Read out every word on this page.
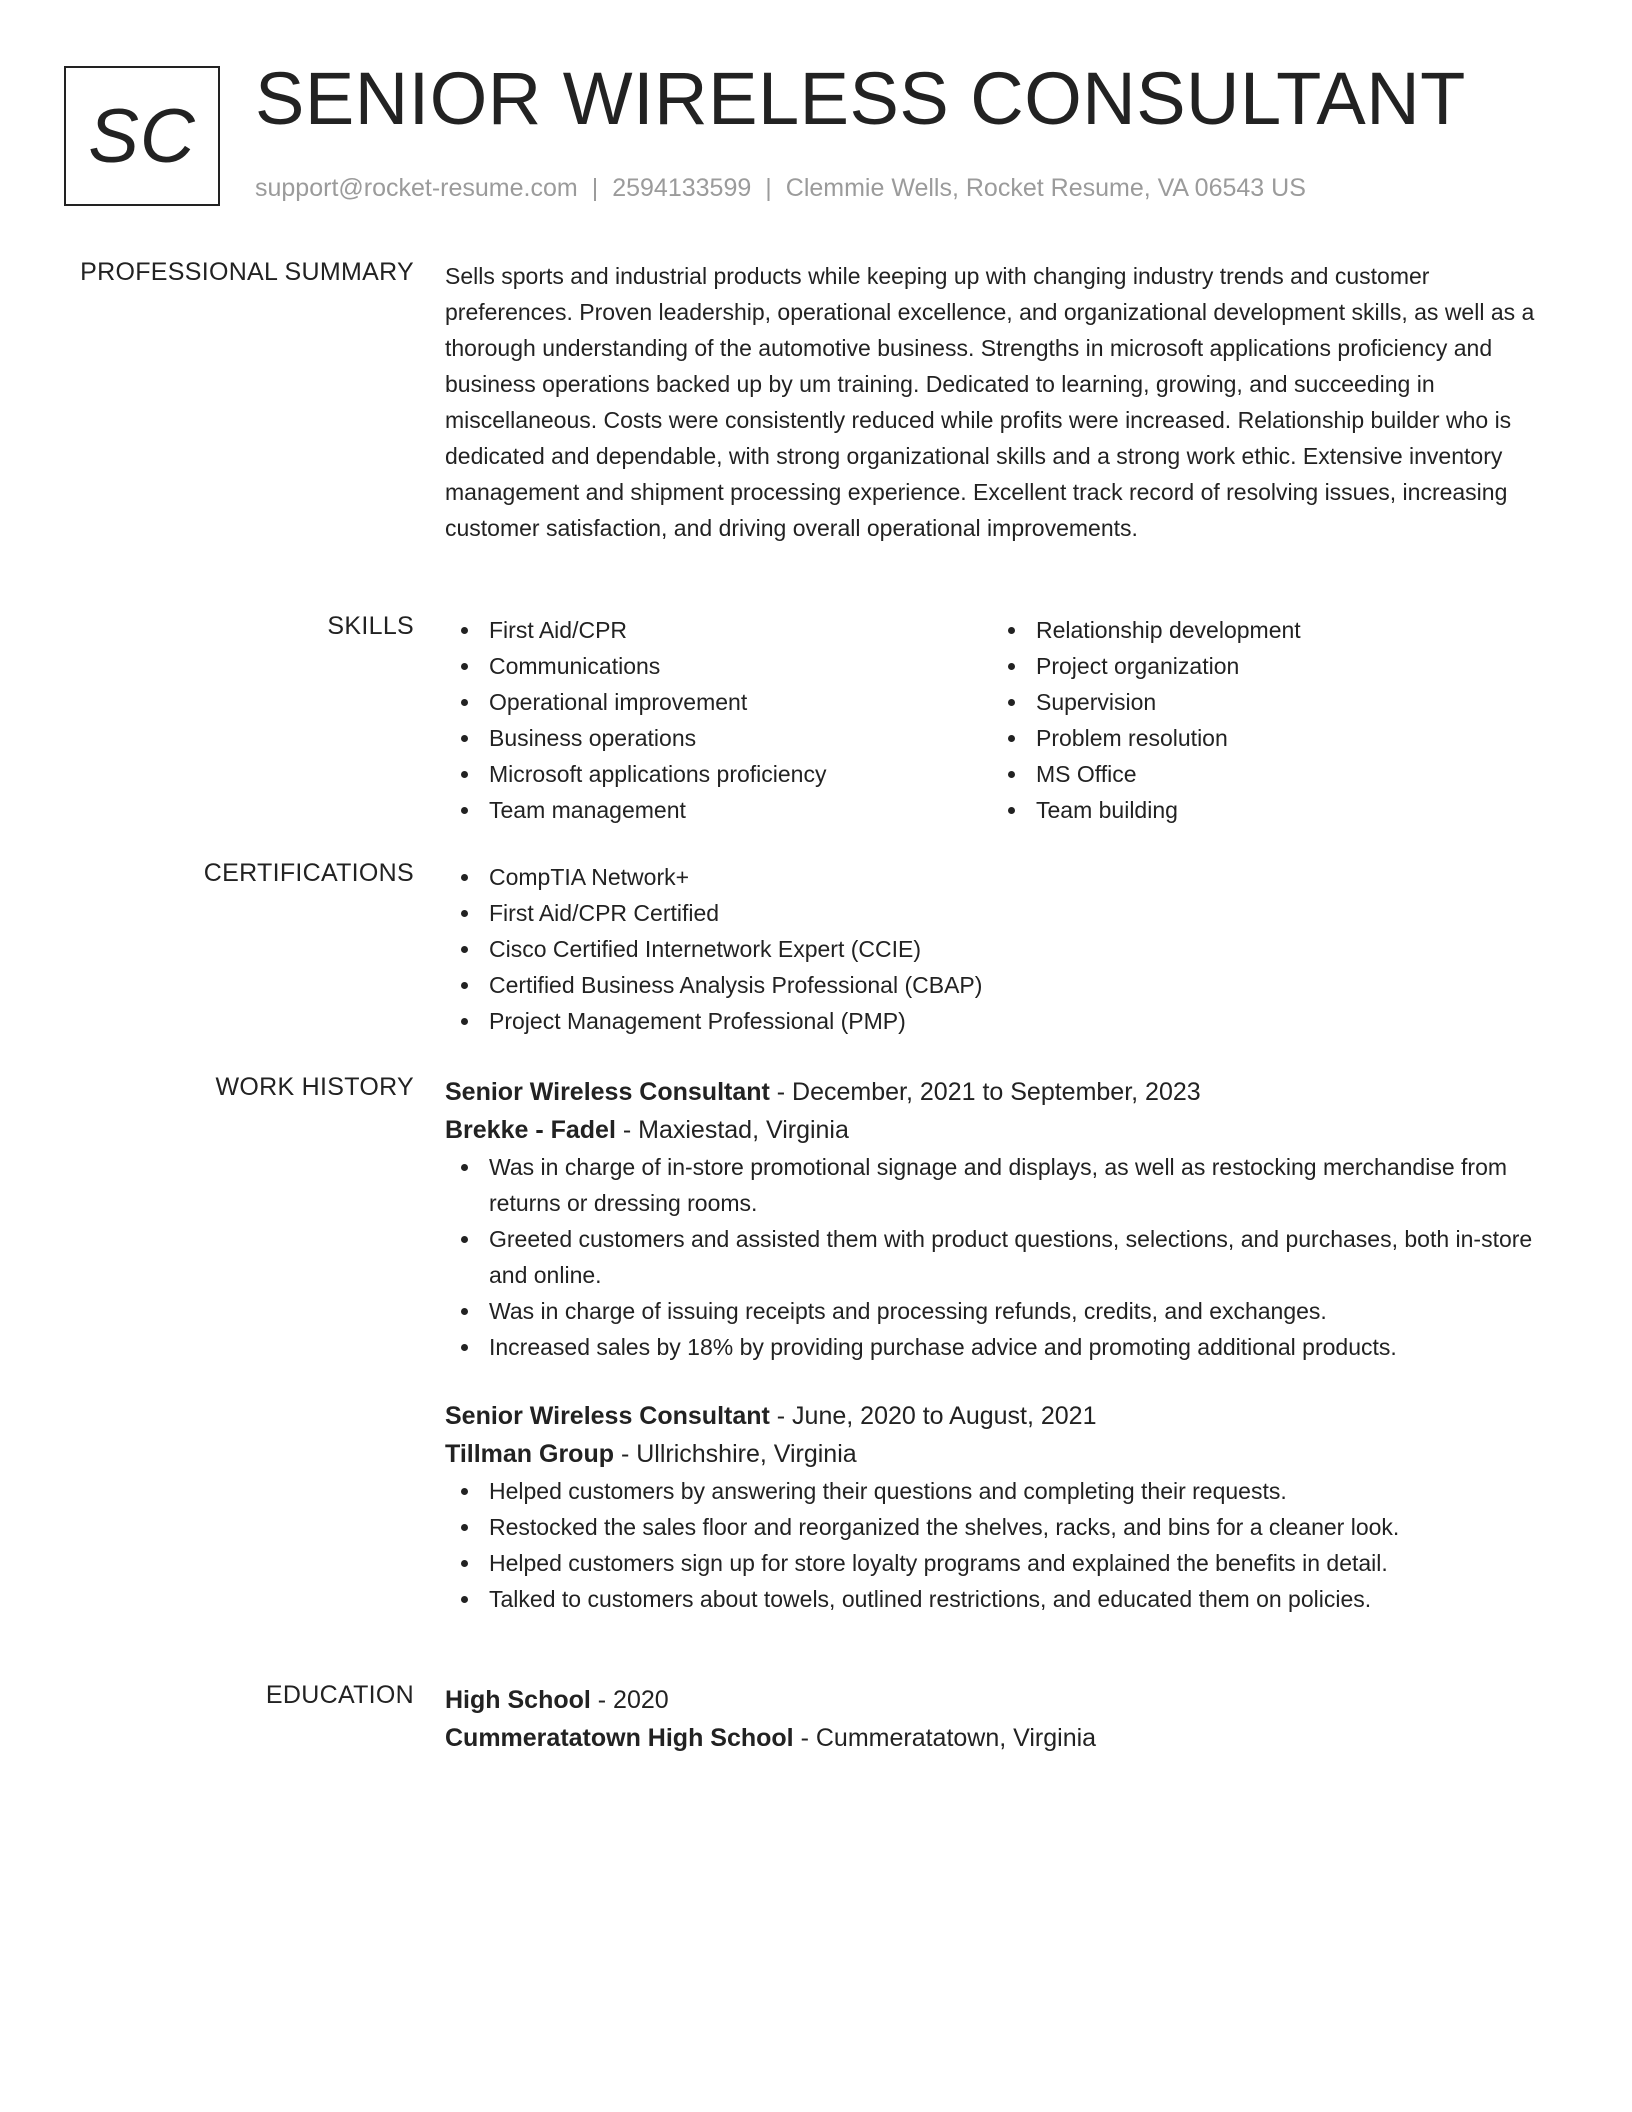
SC SENIOR WIRELESS CONSULTANT
support@rocket-resume.com | 2594133599 | Clemmie Wells, Rocket Resume, VA 06543 US
PROFESSIONAL SUMMARY Sells sports and industrial products while keeping up with changing industry trends and customer preferences. Proven leadership, operational excellence, and organizational development skills, as well as a thorough understanding of the automotive business. Strengths in microsoft applications proficiency and business operations backed up by um training. Dedicated to learning, growing, and succeeding in miscellaneous. Costs were consistently reduced while profits were increased. Relationship builder who is dedicated and dependable, with strong organizational skills and a strong work ethic. Extensive inventory management and shipment processing experience. Excellent track record of resolving issues, increasing customer satisfaction, and driving overall operational improvements.

SKILLS	First Aid/CPR
Communications
Operational improvement
Business operations
Microsoft applications proficiency
Team management
Relationship development
Project organization
Supervision
Problem resolution
MS Office
Team building
CERTIFICATIONS	CompTIA Network+
First Aid/CPR Certified
Cisco Certified Internetwork Expert (CCIE)
Certified Business Analysis Professional (CBAP)
Project Management Professional (PMP)
WORK HISTORY Senior Wireless Consultant - December, 2021 to September, 2023
Brekke - Fadel - Maxiestad, Virginia
Was in charge of in-store promotional signage and displays, as well as restocking merchandise from returns or dressing rooms.
Greeted customers and assisted them with product questions, selections, and purchases, both in-store and online.
Was in charge of issuing receipts and processing refunds, credits, and exchanges.
Increased sales by 18% by providing purchase advice and promoting additional products.
Senior Wireless Consultant - June, 2020 to August, 2021
Tillman Group - Ullrichshire, Virginia
Helped customers by answering their questions and completing their requests.
Restocked the sales floor and reorganized the shelves, racks, and bins for a cleaner look.
Helped customers sign up for store loyalty programs and explained the benefits in detail.
Talked to customers about towels, outlined restrictions, and educated them on policies.
EDUCATION High School - 2020
Cummeratatown High School - Cummeratatown, Virginia
